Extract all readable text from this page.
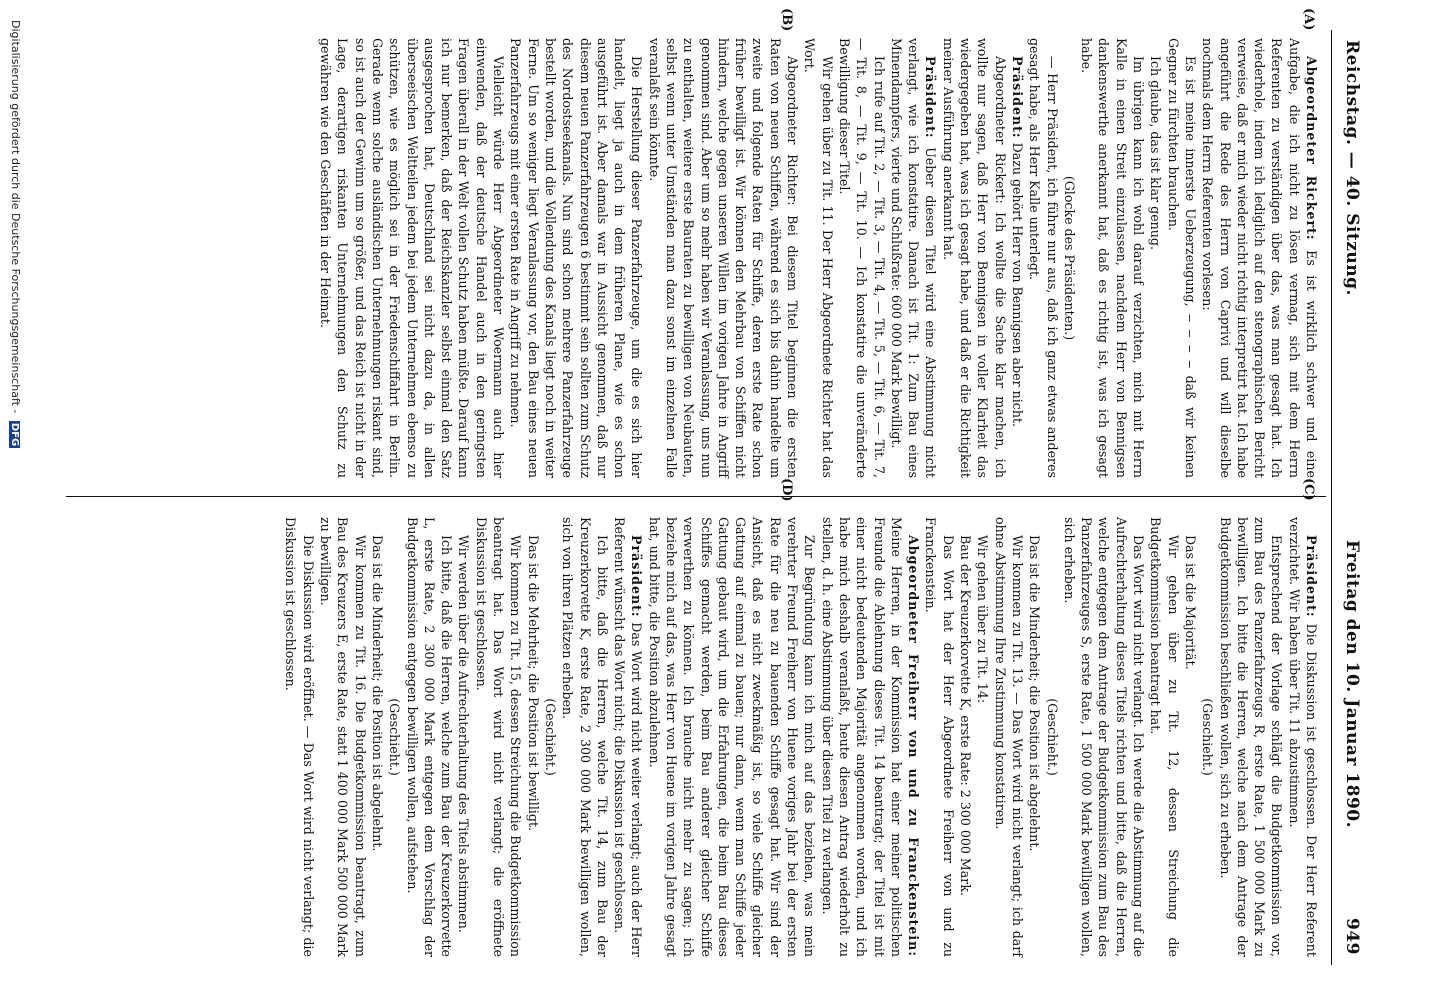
Reichstag. — 40. Sitzung.
Freitag den 10. Januar 1890.
949
(A)
(B)
(C)
(D)

Abgeordneter Rickert: Es ist wirklich schwer und eine Aufgabe, die ich nicht zu lösen vermag, sich mit dem Herrn Referenten zu verständigen über das, was man gesagt hat. Ich wiederhole, indem ich lediglich auf den stenographischen Bericht verweise, daß er mich wieder nicht richtig interpretirt hat. Ich habe angeführt die Rede des Herrn von Caprivi und will dieselbe nochmals dem Herrn Referenten vorlesen:

Es ist meine innerste Ueberzeugung, ‒ ‒ ‒ ‒ daß wir keinen Gegner zu fürchten brauchen.

Ich glaube, das ist klar genug.

Im übrigen kann ich wohl darauf verzichten, mich mit Herrn Kalle in einen Streit einzulassen, nachdem Herr von Bennigsen dankenswerthe anerkannt hat, daß es richtig ist, was ich gesagt habe.

(Glocke des Präsidenten.)

— Herr Präsident, ich führe nur aus, daß ich ganz etwas anderes gesagt habe, als Herr Kalle unterlegt.

Präsident: Dazu gehört Herr von Bennigsen aber nicht.

Abgeordneter Rickert: Ich wollte die Sache klar machen, ich wollte nur sagen, daß Herr von Bennigsen in voller Klarheit das wiedergegeben hat, was ich gesagt habe, und daß er die Richtigkeit meiner Ausführung anerkannt hat.

Präsident: Ueber diesen Titel wird eine Abstimmung nicht verlangt, wie ich konstatire. Danach ist Tit. 1: Zum Bau eines Minendampfers, vierte und Schlußrate: 600 000 Mark bewilligt.

Ich rufe auf Tit. 2, — Tit. 3, — Tit. 4, — Tit. 5, — Tit. 6, — Tit. 7, — Tit. 8, — Tit. 9, — Tit. 10. — Ich konstatire die unveränderte Bewilligung dieser Titel.

Wir gehen über zu Tit. 11. Der Herr Abgeordnete Richter hat das Wort.

Abgeordneter Richter: Bei diesem Titel beginnen die ersten Raten von neuen Schiffen, während es sich bis dahin handelte um zweite und folgende Raten für Schiffe, deren erste Rate schon früher bewilligt ist. Wir können den Mehrbau von Schiffen nicht hindern, welche gegen unseren Willen im vorigen Jahre in Angriff genommen sind. Aber um so mehr haben wir Veranlassung, uns nun zu enthalten, weitere erste Bauraten zu bewilligen von Neubauten, selbst wenn unter Umständen man dazu sonst im einzelnen Falle veranlaßt sein könnte.

Die Herstellung dieser Panzerfahrzeuge, um die es sich hier handelt, liegt ja auch in dem früheren Plane, wie es schon ausgeführt ist. Aber damals war in Aussicht genommen, daß nur diesem neuen Panzerfahrzeugen 6 bestimmt sein sollten zum Schutz des Nordostseekanals. Nun sind schon mehrere Panzerfahrzeuge bestellt worden, und die Vollendung des Kanals liegt noch in weiter Ferne. Um so weniger liegt Veranlassung vor, den Bau eines neuen Panzerfahrzeugs mit einer ersten Rate in Angriff zu nehmen.

Vielleicht würde Herr Abgeordneter Woermann auch hier einwenden, daß der deutsche Handel auch in den geringsten Fragen überall in der Welt vollen Schutz haben müßte. Darauf kann ich nur bemerken, daß der Reichskanzler selbst einmal den Satz ausgesprochen hat, Deutschland sei nicht dazu da, in allen überseeischen Weltteilen jedem bei jedem Unternehmen ebenso zu schützen, wie es möglich sei in der Friedenschiffahrt in Berlin. Gerade wenn solche ausländischen Unternehmungen riskant sind, so ist auch der Gewinn um so größer, und das Reich ist nicht in der Lage, derartigen riskanten Unternehmungen den Schutz zu gewähren wie den Geschäften in der Heimat.

Präsident: Die Diskussion ist geschlossen. Der Herr Referent verzichtet. Wir haben über Tit. 11 abzustimmen.

Entsprechend der Vorlage schlägt die Budgetkommission vor, zum Bau des Panzerfahrzeugs R, erste Rate, 1 500 000 Mark zu bewilligen. Ich bitte die Herren, welche nach dem Antrage der Budgetkommission beschließen wollen, sich zu erheben.

(Geschieht.)

Das ist die Majorität.

Wir gehen über zu Tit. 12, dessen Streichung die Budgetkommission beantragt hat.

Das Wort wird nicht verlangt. Ich werde die Abstimmung auf die Aufrechterhaltung dieses Titels richten und bitte, daß die Herren, welche entgegen dem Antrage der Budgetkommission zum Bau des Panzerfahrzeuges S, erste Rate, 1 500 000 Mark bewilligen wollen, sich erheben.

(Geschieht.)

Das ist die Minderheit; die Position ist abgelehnt.

Wir kommen zu Tit. 13. — Das Wort wird nicht verlangt; ich darf ohne Abstimmung Ihre Zustimmung konstatiren.

Wir gehen über zu Tit. 14:

Bau der Kreuzerkorvette K, erste Rate: 2 300 000 Mark.

Das Wort hat der Herr Abgeordnete Freiherr von und zu Franckenstein.

Abgeordneter Freiherr von und zu Franckenstein: Meine Herren, in der Kommission hat einer meiner politischen Freunde die Ablehnung dieses Tit. 14 beantragt; der Titel ist mit einer nicht bedeutenden Majorität angenommen worden, und ich habe mich deshalb veranlaßt, heute diesen Antrag wiederholt zu stellen, d. h. eine Abstimmung über diesen Titel zu verlangen.

Zur Begründung kann ich mich auf das beziehen, was mein verehrter Freund Freiherr von Huene voriges Jahr bei der ersten Rate für die neu zu bauenden Schiffe gesagt hat. Wir sind der Ansicht, daß es nicht zweckmäßig ist, so viele Schiffe gleicher Gattung auf einmal zu bauen; nur dann, wenn man Schiffe jeder Gattung gebaut wird, um die Erfahrungen, die beim Bau dieses Schiffes gemacht werden, beim Bau anderer gleicher Schiffe verwerthen zu können. Ich brauche nicht mehr zu sagen; ich beziehe mich auf das, was Herr von Huene im vorigen Jahre gesagt hat, und bitte, die Position abzulehnen.

Präsident: Das Wort wird nicht weiter verlangt; auch der Herr Referent wünscht das Wort nicht; die Diskussion ist geschlossen.

Ich bitte, daß die Herren, welche Tit. 14, zum Bau der Kreuzerkorvette K, erste Rate, 2 300 000 Mark bewilligen wollen, sich von ihren Plätzen erheben.

(Geschieht.)

Das ist die Mehrheit; die Position ist bewilligt.

Wir kommen zu Tit. 15, dessen Streichung die Budgetkommission beantragt hat. Das Wort wird nicht verlangt; die eröffnete Diskussion ist geschlossen.

Wir werden über die Aufrechterhaltung des Titels abstimmen.

Ich bitte, daß die Herren, welche zum Bau der Kreuzerkorvette L, erste Rate, 2 300 000 Mark entgegen dem Vorschlag der Budgetkommission entgegen bewilligen wollen, aufstehen.

(Geschieht.)

Das ist die Minderheit; die Position ist abgelehnt.

Wir kommen zu Tit. 16. Die Budgetkommission beantragt, zum Bau des Kreuzers E, erste Rate, statt 1 400 000 Mark 500 000 Mark zu bewilligen.

Die Diskussion wird eröffnet. — Das Wort wird nicht verlangt; die Diskussion ist geschlossen.

Digitalisierung gefördert durch die Deutsche Forschungsgemeinschaft - DFG
